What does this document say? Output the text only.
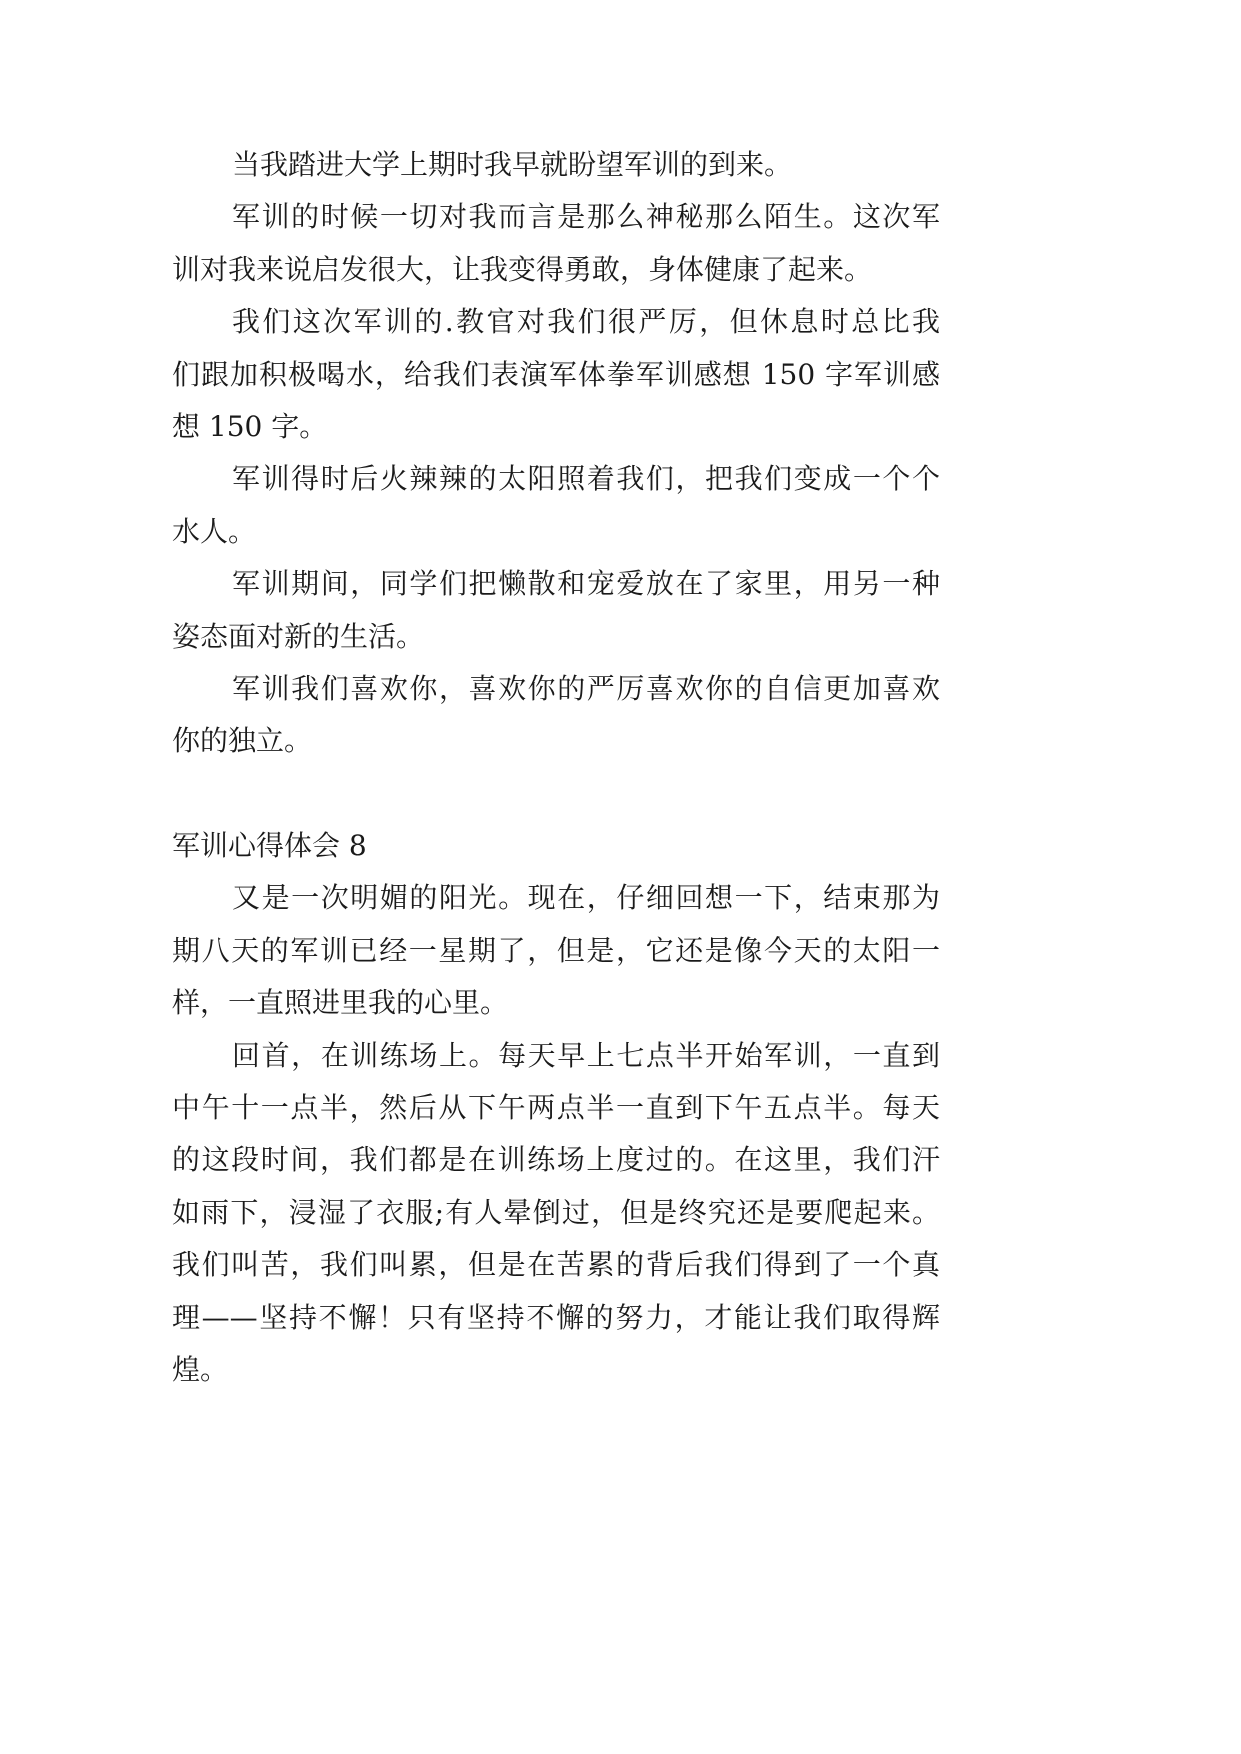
当我踏进大学上期时我早就盼望军训的到来。
军训的时候一切对我而言是那么神秘那么陌生。这次军
训对我来说启发很大，让我变得勇敢，身体健康了起来。
我们这次军训的.教官对我们很严厉，但休息时总比我
们跟加积极喝水，给我们表演军体拳军训感想 150 字军训感
想 150 字。
军训得时后火辣辣的太阳照着我们，把我们变成一个个
水人。
军训期间，同学们把懒散和宠爱放在了家里，用另一种
姿态面对新的生活。
军训我们喜欢你，喜欢你的严厉喜欢你的自信更加喜欢
你的独立。
军训心得体会 8
又是一次明媚的阳光。现在，仔细回想一下，结束那为
期八天的军训已经一星期了，但是，它还是像今天的太阳一
样，一直照进里我的心里。
回首，在训练场上。每天早上七点半开始军训，一直到
中午十一点半，然后从下午两点半一直到下午五点半。每天
的这段时间，我们都是在训练场上度过的。在这里，我们汗
如雨下，浸湿了衣服;有人晕倒过，但是终究还是要爬起来。
我们叫苦，我们叫累，但是在苦累的背后我们得到了一个真
理——坚持不懈！只有坚持不懈的努力，才能让我们取得辉
煌。
